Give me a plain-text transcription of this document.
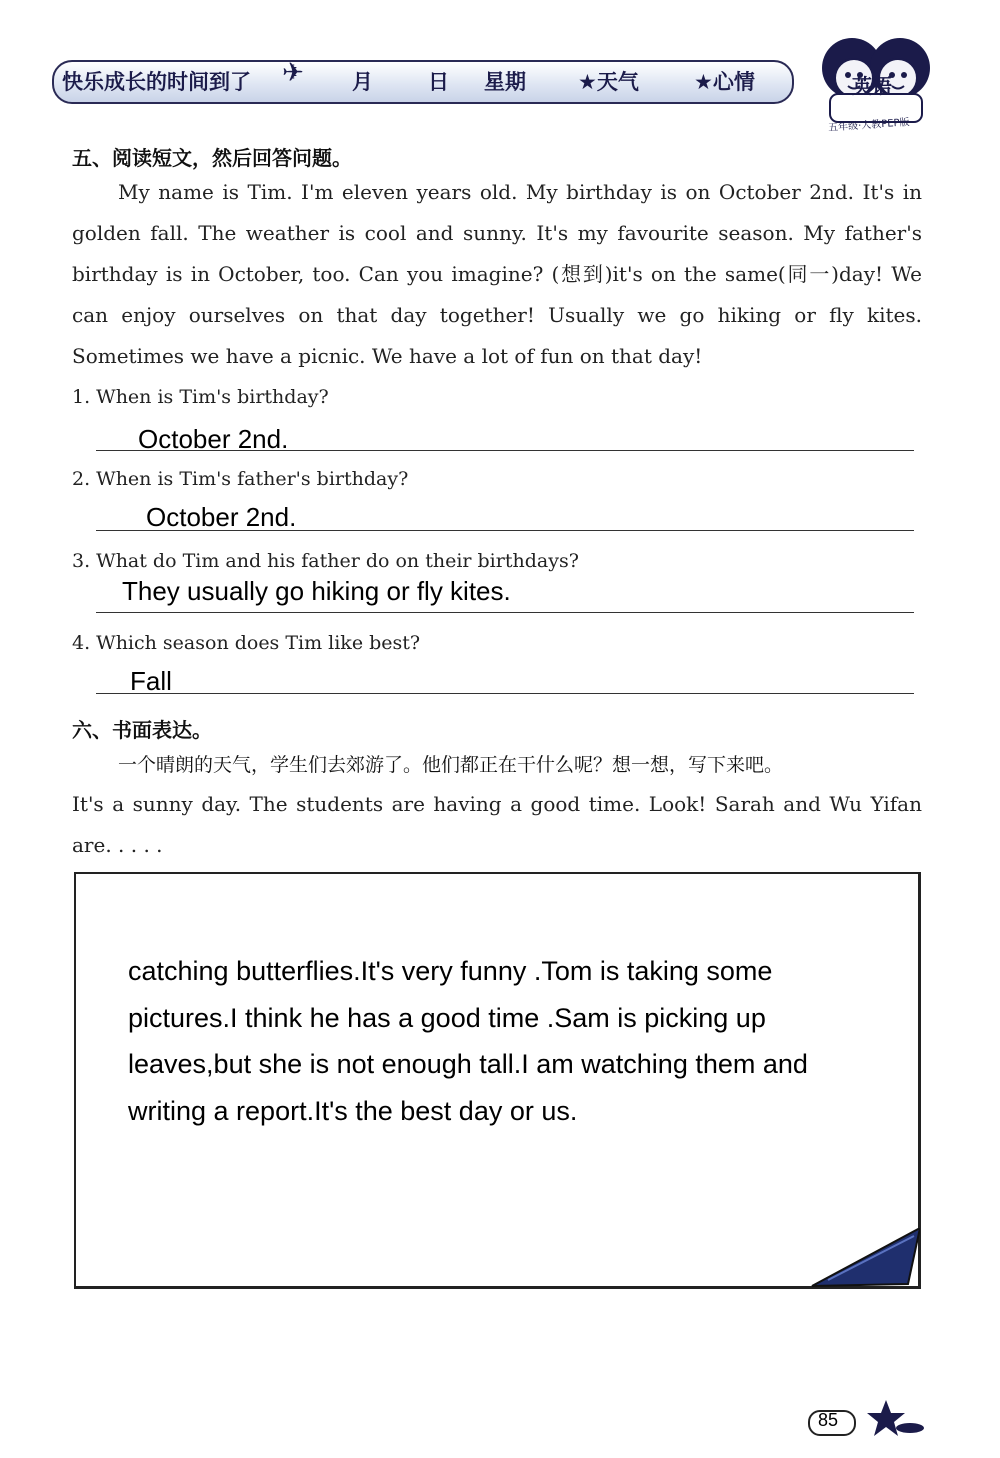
快乐成长的时间到了 ✈ 月	日 星期 ★天气	★心情	英语
五年级·人教PEP版
五、阅读短文，然后回答问题。
My name is Tim. I'm eleven years old. My birthday is on October 2nd. It's in golden fall. The weather is cool and sunny. It's my favourite season. My father's birthday is in October, too. Can you imagine? (想到)it's on the same(同一)day! We can enjoy ourselves on that day together! Usually we go hiking or fly kites. Sometimes we have a picnic. We have a lot of fun on that day!
1. When is Tim's birthday?
October 2nd.
2. When is Tim's father's birthday?
October 2nd.
3. What do Tim and his father do on their birthdays?
They usually go hiking or fly kites.
4. Which season does Tim like best?
Fall
六、书面表达。
一个晴朗的天气，学生们去郊游了。他们都正在干什么呢？想一想，写下来吧。
It's a sunny day. The students are having a good time. Look! Sarah and Wu Yifan are. . . . .
catching butterflies.It's very funny .Tom is taking some
pictures.I think he has a good time .Sam is picking up
leaves,but she is not enough tall.I am watching them and
writing a report.It's the best day or us.
85
